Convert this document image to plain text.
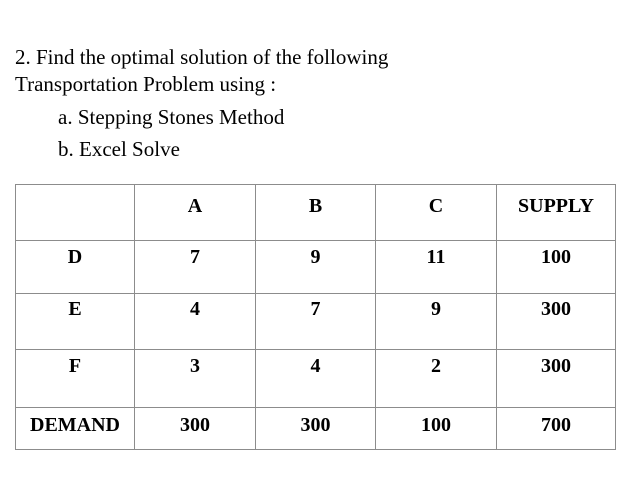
2. Find the optimal solution of the following
Transportation Problem using :
a. Stepping Stones Method
b. Excel Solve
	A	B	C	SUPPLY
D	7	9	11	100
E	4	7	9	300
F	3	4	2	300
DEMAND	300	300	100	700
